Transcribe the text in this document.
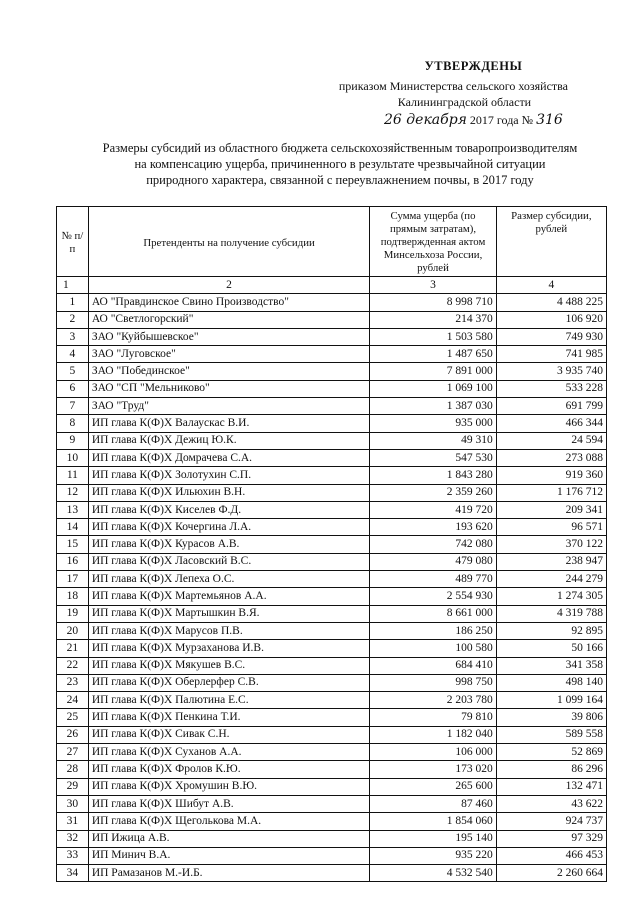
УТВЕРЖДЕНЫ
приказом Министерства сельского хозяйства
Калининградской области
26 декабря 2017 года № 316
Размеры субсидий из областного бюджета сельскохозяйственным товаропроизводителям
на компенсацию ущерба, причиненного в результате чрезвычайной ситуации
природного характера, связанной с переувлажнением почвы, в 2017 году
№ п/п	Претенденты на получение субсидии	Сумма ущерба (по прямым затратам), подтвержденная актом Минсельхоза России, рублей	Размер субсидии, рублей
1	2	3	4
1	АО "Правдинское Свино Производство"	8 998 710	4 488 225
2	АО "Светлогорский"	214 370	106 920
3	ЗАО "Куйбышевское"	1 503 580	749 930
4	ЗАО "Луговское"	1 487 650	741 985
5	ЗАО "Побединское"	7 891 000	3 935 740
6	ЗАО "СП "Мельниково"	1 069 100	533 228
7	ЗАО "Труд"	1 387 030	691 799
8	ИП глава К(Ф)Х Валаускас В.И.	935 000	466 344
9	ИП глава К(Ф)Х Дежиц Ю.К.	49 310	24 594
10	ИП глава К(Ф)Х Домрачева С.А.	547 530	273 088
11	ИП глава К(Ф)Х Золотухин С.П.	1 843 280	919 360
12	ИП глава К(Ф)Х Ильюхин В.Н.	2 359 260	1 176 712
13	ИП глава К(Ф)Х Киселев Ф.Д.	419 720	209 341
14	ИП глава К(Ф)Х Кочергина Л.А.	193 620	96 571
15	ИП глава К(Ф)Х Курасов А.В.	742 080	370 122
16	ИП глава К(Ф)Х Ласовский В.С.	479 080	238 947
17	ИП глава К(Ф)Х Лепеха О.С.	489 770	244 279
18	ИП глава К(Ф)Х Мартемьянов А.А.	2 554 930	1 274 305
19	ИП глава К(Ф)Х Мартышкин В.Я.	8 661 000	4 319 788
20	ИП глава К(Ф)Х Марусов П.В.	186 250	92 895
21	ИП глава К(Ф)Х Мурзаханова И.В.	100 580	50 166
22	ИП глава К(Ф)Х Мякушев В.С.	684 410	341 358
23	ИП глава К(Ф)Х Оберлерфер С.В.	998 750	498 140
24	ИП глава К(Ф)Х Палютина Е.С.	2 203 780	1 099 164
25	ИП глава К(Ф)Х Пенкина Т.И.	79 810	39 806
26	ИП глава К(Ф)Х Сивак С.Н.	1 182 040	589 558
27	ИП глава К(Ф)Х Суханов А.А.	106 000	52 869
28	ИП глава К(Ф)Х Фролов К.Ю.	173 020	86 296
29	ИП глава К(Ф)Х Хромушин В.Ю.	265 600	132 471
30	ИП глава К(Ф)Х Шибут А.В.	87 460	43 622
31	ИП глава К(Ф)Х Щеголькова М.А.	1 854 060	924 737
32	ИП Ижица А.В.	195 140	97 329
33	ИП Минич В.А.	935 220	466 453
34	ИП Рамазанов М.-И.Б.	4 532 540	2 260 664
